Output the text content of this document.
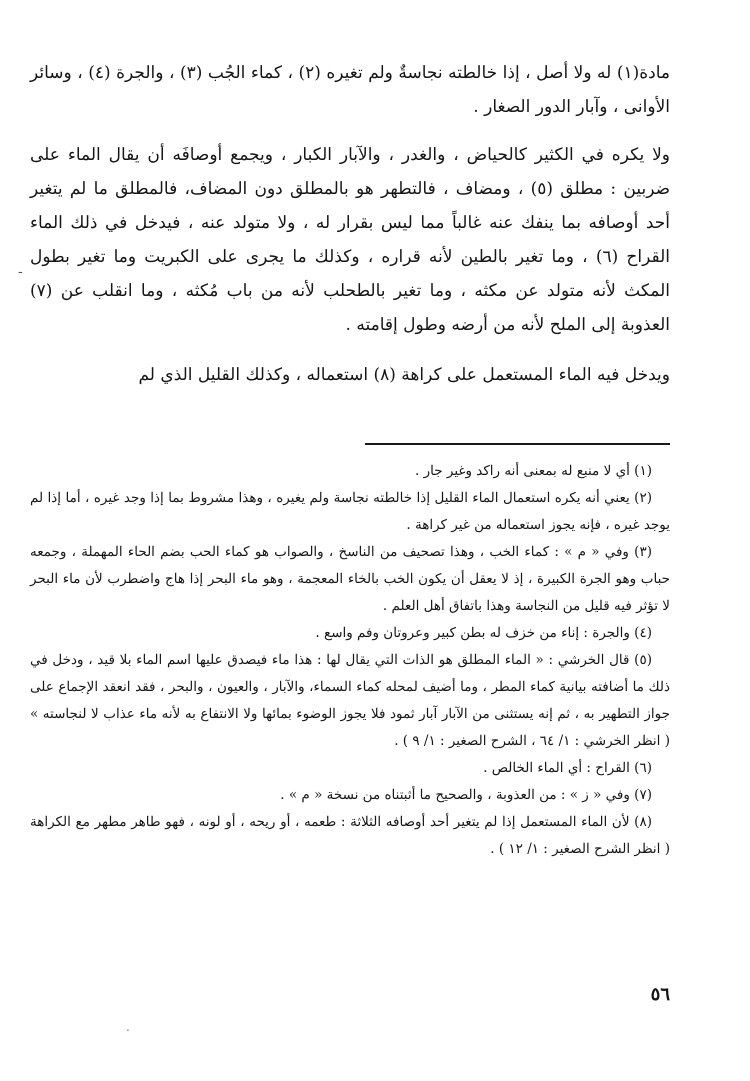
مادة(١) له ولا أصل ، إذا خالطته نجاسةٌ ولم تغيره (٢) ، كماء الجُب (٣) ، والجرة (٤) ، وسائر الأوانى ، وآبار الدور الصغار .

ولا يكره في الكثير كالحياض ، والغدر ، والآبار الكبار ، ويجمع أوصافَه أن يقال الماء على ضربين : مطلق (٥) ، ومضاف ، فالتطهر هو بالمطلق دون المضاف، فالمطلق ما لم يتغير أحد أوصافه بما ينفك عنه غالباً مما ليس بقرار له ، ولا متولد عنه ، فيدخل في ذلك الماء القراح (٦) ، وما تغير بالطين لأنه قراره ، وكذلك ما يجرى على الكبريت وما تغير بطول المكث لأنه متولد عن مكثه ، وما تغير بالطحلب لأنه من باب مُكثه ، وما انقلب عن (٧) العذوبة إلى الملح لأنه من أرضه وطول إقامته .

ويدخل فيه الماء المستعمل على كراهة (٨) استعماله ، وكذلك القليل الذي لم

(١) أي لا منبع له بمعنى أنه راكد وغير جار .

(٢) يعني أنه يكره استعمال الماء القليل إذا خالطته نجاسة ولم يغيره ، وهذا مشروط بما إذا وجد غيره ، أما إذا لم يوجد غيره ، فإنه يجوز استعماله من غير كراهة .

(٣) وفي « م » : كماء الخب ، وهذا تصحيف من الناسخ ، والصواب هو كماء الحب بضم الحاء المهملة ، وجمعه حباب وهو الجرة الكبيرة ، إذ لا يعقل أن يكون الخب بالخاء المعجمة ، وهو ماء البحر إذا هاج واضطرب لأن ماء البحر لا تؤثر فيه قليل من النجاسة وهذا باتفاق أهل العلم .

(٤) والجرة : إناء من خزف له بطن كبير وعروتان وفم واسع .

(٥) قال الخرشي : « الماء المطلق هو الذات التي يقال لها : هذا ماء فيصدق عليها اسم الماء بلا قيد ، ودخل في ذلك ما أضافته بيانية كماء المطر ، وما أضيف لمحله كماء السماء، والآبار ، والعيون ، والبحر ، فقد انعقد الإجماع على جواز التطهير به ، ثم إنه يستثنى من الآبار آبار ثمود فلا يجوز الوضوء بمائها ولا الانتفاع به لأنه ماء عذاب لا لنجاسته » ( انظر الخرشي : ١/ ٦٤ ، الشرح الصغير : ١/ ٩ ) .

(٦) القراح : أي الماء الخالص .

(٧) وفي « ز » : من العذوبة ، والصحيح ما أثبتناه من نسخة « م » .

(٨) لأن الماء المستعمل إذا لم يتغير أحد أوصافه الثلاثة : طعمه ، أو ريحه ، أو لونه ، فهو طاهر مطهر مع الكراهة ( انظر الشرح الصغير : ١/ ١٢ ) .

٥٦
-
.
